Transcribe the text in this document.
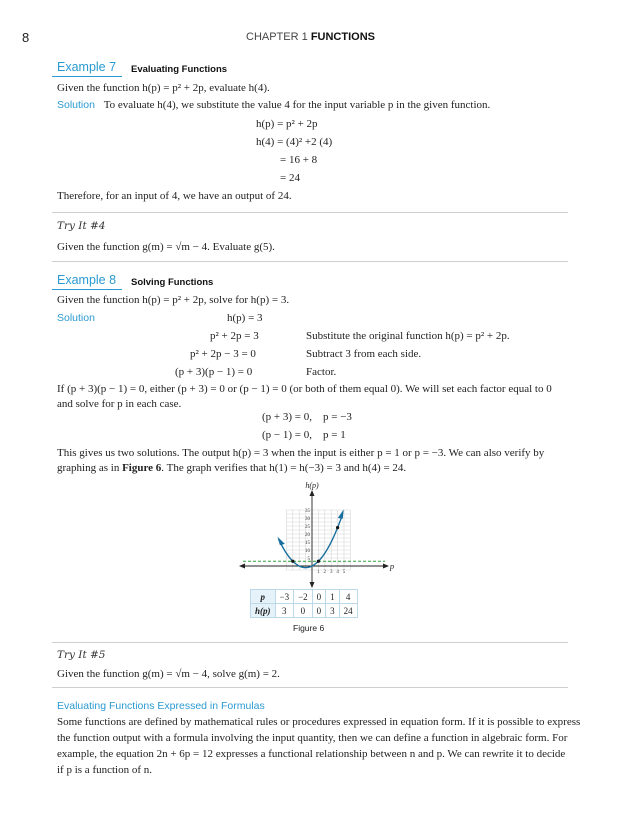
8	CHAPTER 1 FUNCTIONS
Example 7 Evaluating Functions
Given the function h(p) = p² + 2p, evaluate h(4).
Solution To evaluate h(4), we substitute the value 4 for the input variable p in the given function.
h(p) = p² + 2p
h(4) = (4)² +2 (4)
= 16 + 8
= 24
Therefore, for an input of 4, we have an output of 24.
Try It #4
Given the function g(m) = √m − 4. Evaluate g(5).
Example 8 Solving Functions
Given the function h(p) = p² + 2p, solve for h(p) = 3.
Solution	h(p) = 3
p² + 2p = 3	Substitute the original function h(p) = p² + 2p.
p² + 2p − 3 = 0	Subtract 3 from each side.
(p + 3)(p − 1) = 0	Factor.
If (p + 3)(p − 1) = 0, either (p + 3) = 0 or (p − 1) = 0 (or both of them equal 0). We will set each factor equal to 0
and solve for p in each case.
(p + 3) = 0, p = −3
(p − 1) = 0, p = 1
This gives us two solutions. The output h(p) = 3 when the input is either p = 1 or p = −3. We can also verify by
graphing as in Figure 6. The graph verifies that h(1) = h(−3) = 3 and h(4) = 24.
5
10
15
20
25
30
35
1 2 3 4 5
h(p)
p
p	−3	−2	0	1	4
h(p)	3	0	0	3	24
Figure 6
Try It #5
Given the function g(m) = √m − 4, solve g(m) = 2.
Evaluating Functions Expressed in Formulas
Some functions are defined by mathematical rules or procedures expressed in equation form. If it is possible to express
the function output with a formula involving the input quantity, then we can define a function in algebraic form. For
example, the equation 2n + 6p = 12 expresses a functional relationship between n and p. We can rewrite it to decide
if p is a function of n.
